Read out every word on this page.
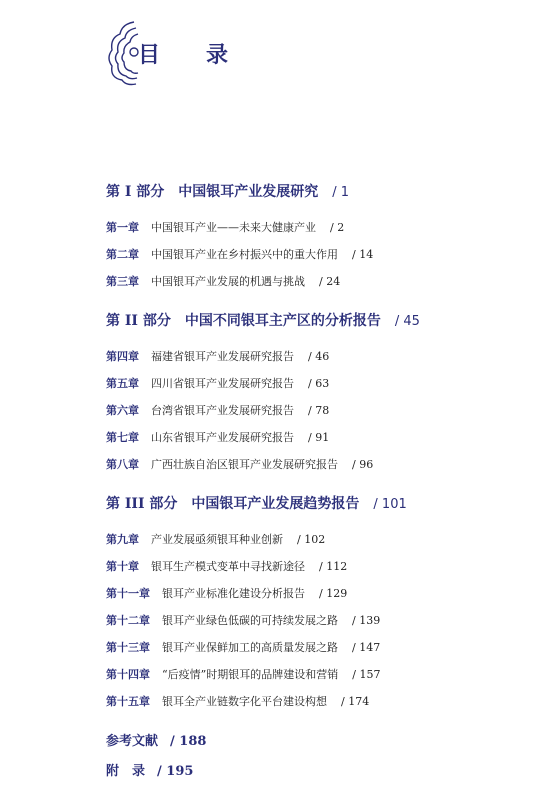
目　录
第 I 部分 中国银耳产业发展研究 / 1
第一章 中国银耳产业——未来大健康产业 / 2
第二章 中国银耳产业在乡村振兴中的重大作用 / 14
第三章 中国银耳产业发展的机遇与挑战 / 24
第 II 部分 中国不同银耳主产区的分析报告 / 45
第四章 福建省银耳产业发展研究报告 / 46
第五章 四川省银耳产业发展研究报告 / 63
第六章 台湾省银耳产业发展研究报告 / 78
第七章 山东省银耳产业发展研究报告 / 91
第八章 广西壮族自治区银耳产业发展研究报告 / 96
第 III 部分 中国银耳产业发展趋势报告 / 101
第九章 产业发展亟须银耳种业创新 / 102
第十章 银耳生产模式变革中寻找新途径 / 112
第十一章 银耳产业标准化建设分析报告 / 129
第十二章 银耳产业绿色低碳的可持续发展之路 / 139
第十三章 银耳产业保鲜加工的高质量发展之路 / 147
第十四章 “后疫情”时期银耳的品牌建设和营销 / 157
第十五章 银耳全产业链数字化平台建设构想 / 174
参考文献 / 188
附　录 / 195
